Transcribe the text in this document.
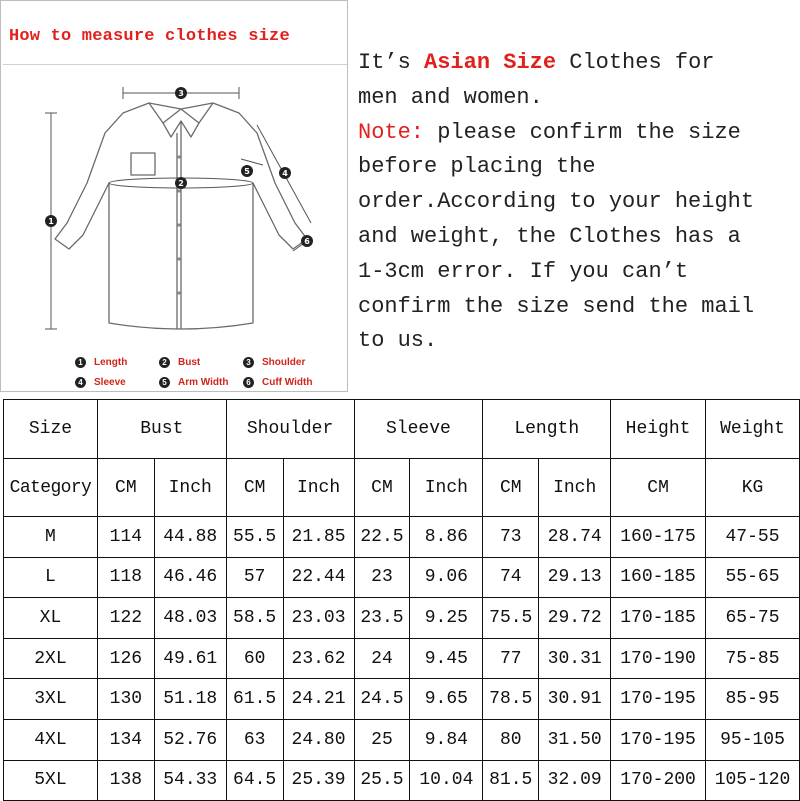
How to measure clothes size
3
1
2
4
5
6
1 Length	2 Bust	3 Shoulder
4 Sleeve	5 Arm Width	6 Cuff Width
It’s Asian Size Clothes for
men and women.
Note: please confirm the size
before placing the
order.According to your height
and weight, the Clothes has a
1-3cm error. If you can’t
confirm the size send the mail
to us.
Size	Bust		Shoulder		Sleeve		Length		Height	Weight
Category	CM	Inch	CM	Inch	CM	Inch	CM	Inch	CM	KG
M	114	44.88	55.5	21.85	22.5	8.86	73	28.74	160-175	47-55
L	118	46.46	57	22.44	23	9.06	74	29.13	160-185	55-65
XL	122	48.03	58.5	23.03	23.5	9.25	75.5	29.72	170-185	65-75
2XL	126	49.61	60	23.62	24	9.45	77	30.31	170-190	75-85
3XL	130	51.18	61.5	24.21	24.5	9.65	78.5	30.91	170-195	85-95
4XL	134	52.76	63	24.80	25	9.84	80	31.50	170-195	95-105
5XL	138	54.33	64.5	25.39	25.5	10.04	81.5	32.09	170-200	105-120
